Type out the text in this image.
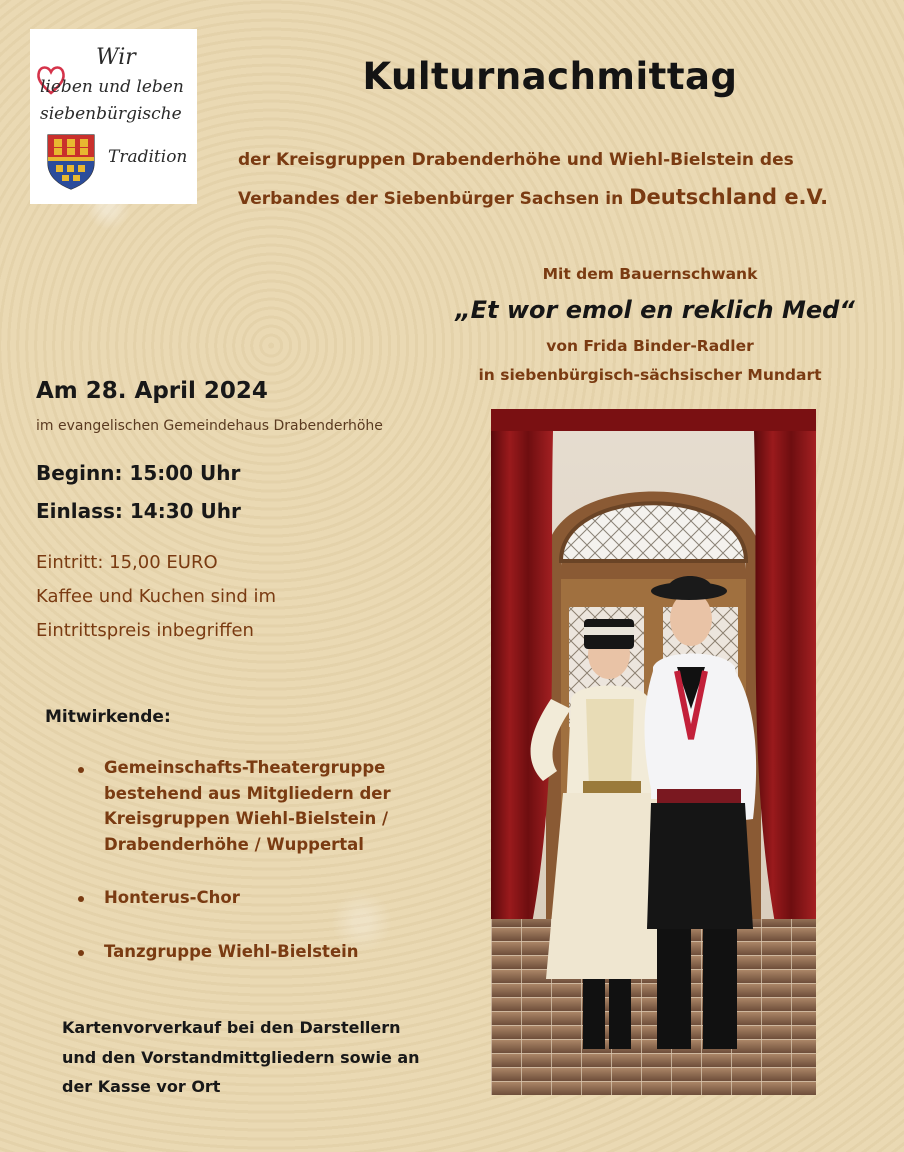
Wir
lieben und leben
siebenbürgische
Tradition
Kulturnachmittag
der Kreisgruppen Drabenderhöhe und Wiehl-Bielstein des
Verbandes der Siebenbürger Sachsen in Deutschland e.V.
Mit dem Bauernschwank
„Et wor emol en reklich Med“
von Frida Binder-Radler
in siebenbürgisch-sächsischer Mundart
Am 28. April 2024
im evangelischen Gemeindehaus Drabenderhöhe
Beginn: 15:00 Uhr
Einlass: 14:30 Uhr
Eintritt: 15,00 EURO
Kaffee und Kuchen sind im
Eintrittspreis inbegriffen
Mitwirkende:
Gemeinschafts-Theatergruppe
bestehend aus Mitgliedern der
Kreisgruppen Wiehl-Bielstein /
Drabenderhöhe / Wuppertal
Honterus-Chor
Tanzgruppe Wiehl-Bielstein
Kartenvorverkauf bei den Darstellern
und den Vorstandmittgliedern sowie an
der Kasse vor Ort
